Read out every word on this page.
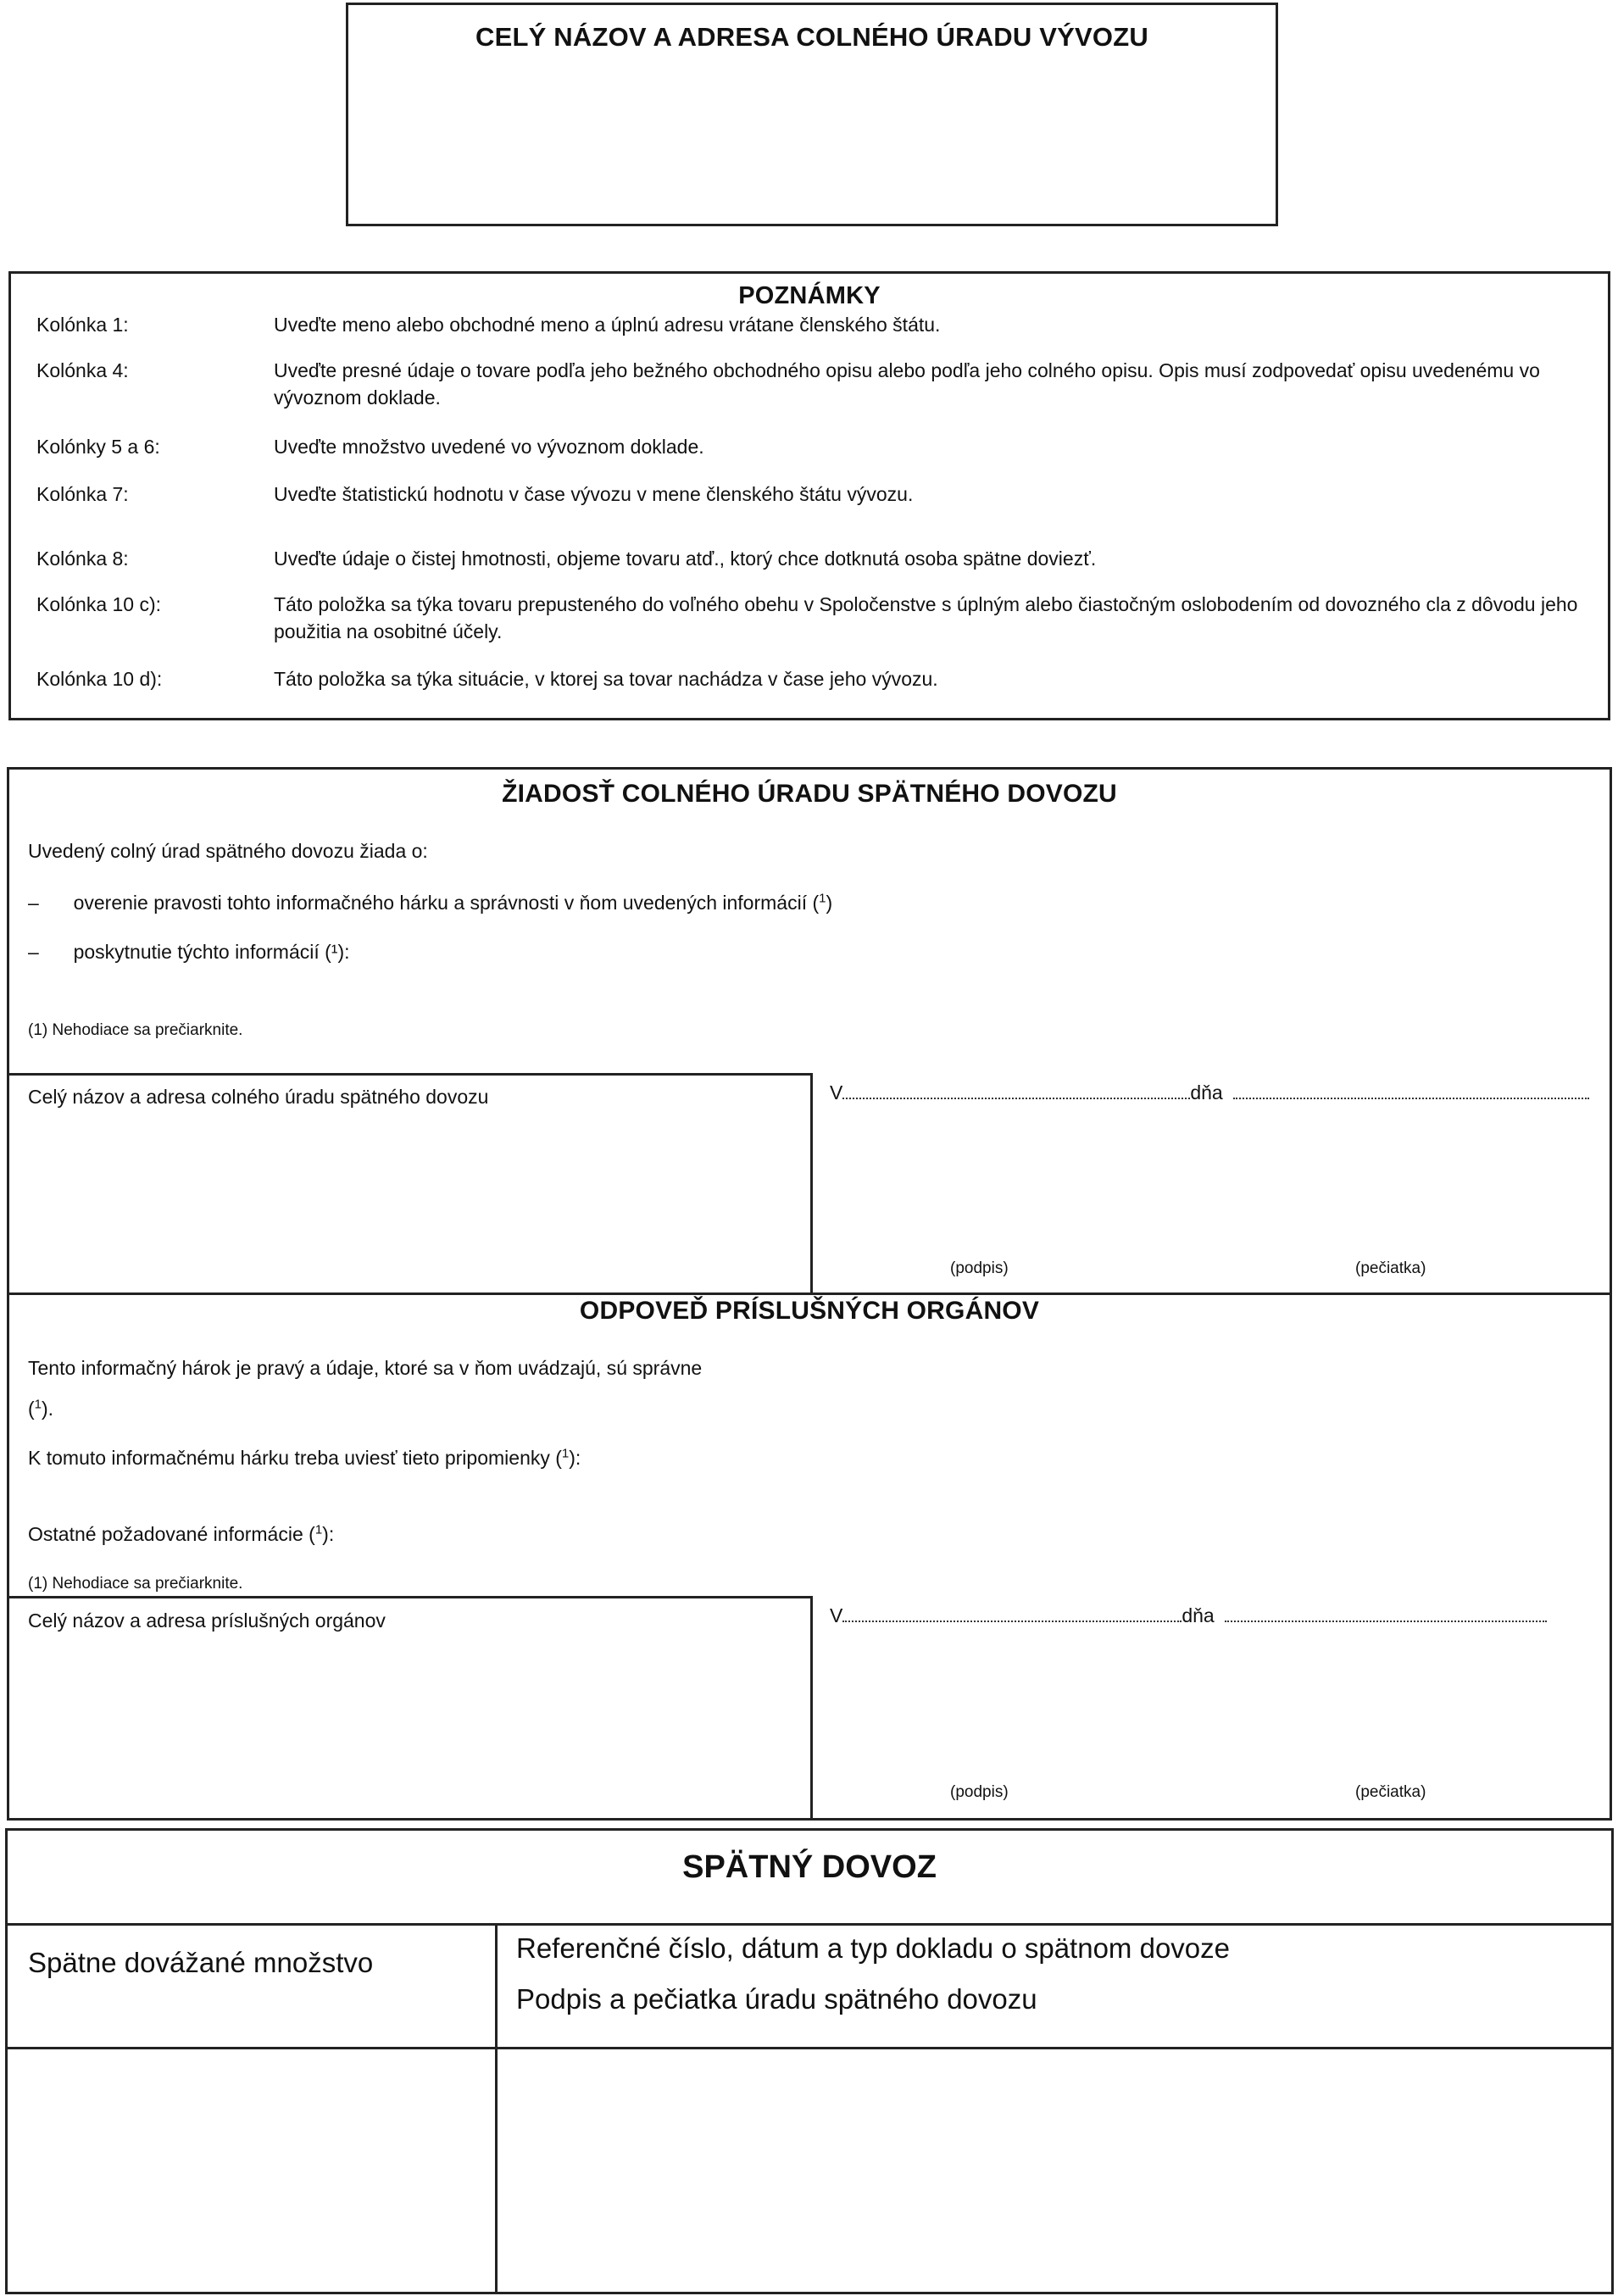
CELÝ NÁZOV A ADRESA COLNÉHO ÚRADU VÝVOZU
POZNÁMKY
Kolónka 1:	Uveďte meno alebo obchodné meno a úplnú adresu vrátane členského štátu.
Kolónka 4:	Uveďte presné údaje o tovare podľa jeho bežného obchodného opisu alebo podľa jeho colného opisu. Opis musí zodpovedať opisu uvedenému vo vývoznom doklade.
Kolónky 5 a 6:	Uveďte množstvo uvedené vo vývoznom doklade.
Kolónka 7:	Uveďte štatistickú hodnotu v čase vývozu v mene členského štátu vývozu.
Kolónka 8:	Uveďte údaje o čistej hmotnosti, objeme tovaru atď., ktorý chce dotknutá osoba spätne doviezť.
Kolónka 10 c):	Táto položka sa týka tovaru prepusteného do voľného obehu v Spoločenstve s úplným alebo čiastočným oslobodením od dovozného cla z dôvodu jeho použitia na osobitné účely.
Kolónka 10 d):	Táto položka sa týka situácie, v ktorej sa tovar nachádza v čase jeho vývozu.
ŽIADOSŤ COLNÉHO ÚRADU SPÄTNÉHO DOVOZU
Uvedený colný úrad spätného dovozu žiada o:
– overenie pravosti tohto informačného hárku a správnosti v ňom uvedených informácií ($^1$)
– poskytnutie týchto informácií (¹):
(1) Nehodiace sa prečiarknite.
Celý názov a adresa colného úradu spätného dovozu	V	dňa
(podpis)	(pečiatka)
ODPOVEĎ PRÍSLUŠNÝCH ORGÁNOV
Tento informačný hárok je pravý a údaje, ktoré sa v ňom uvádzajú, sú správne
($^1$).
K tomuto informačnému hárku treba uviesť tieto pripomienky ($^1$):
Ostatné požadované informácie ($^1$):
(1) Nehodiace sa prečiarknite.
Celý názov a adresa príslušných orgánov	V	dňa
(podpis)	(pečiatka)
SPÄTNÝ DOVOZ
Spätne dovážané množstvo	Referenčné číslo, dátum a typ dokladu o spätnom dovoze
Podpis a pečiatka úradu spätného dovozu
